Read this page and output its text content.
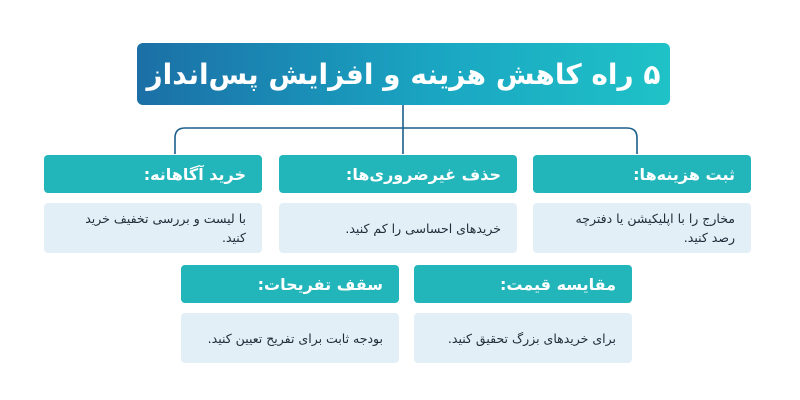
۵ راه کاهش هزینه و افزایش پس‌انداز
ثبت هزینه‌ها:
مخارج را با اپلیکیشن یا دفترچه رصد کنید.
حذف غیرضروری‌ها:
خریدهای احساسی را کم کنید.
خرید آگاهانه:
با لیست و بررسی تخفیف خرید کنید.
مقایسه قیمت:
برای خریدهای بزرگ تحقیق کنید.
سقف تفریحات:
بودجه ثابت برای تفریح تعیین کنید.
